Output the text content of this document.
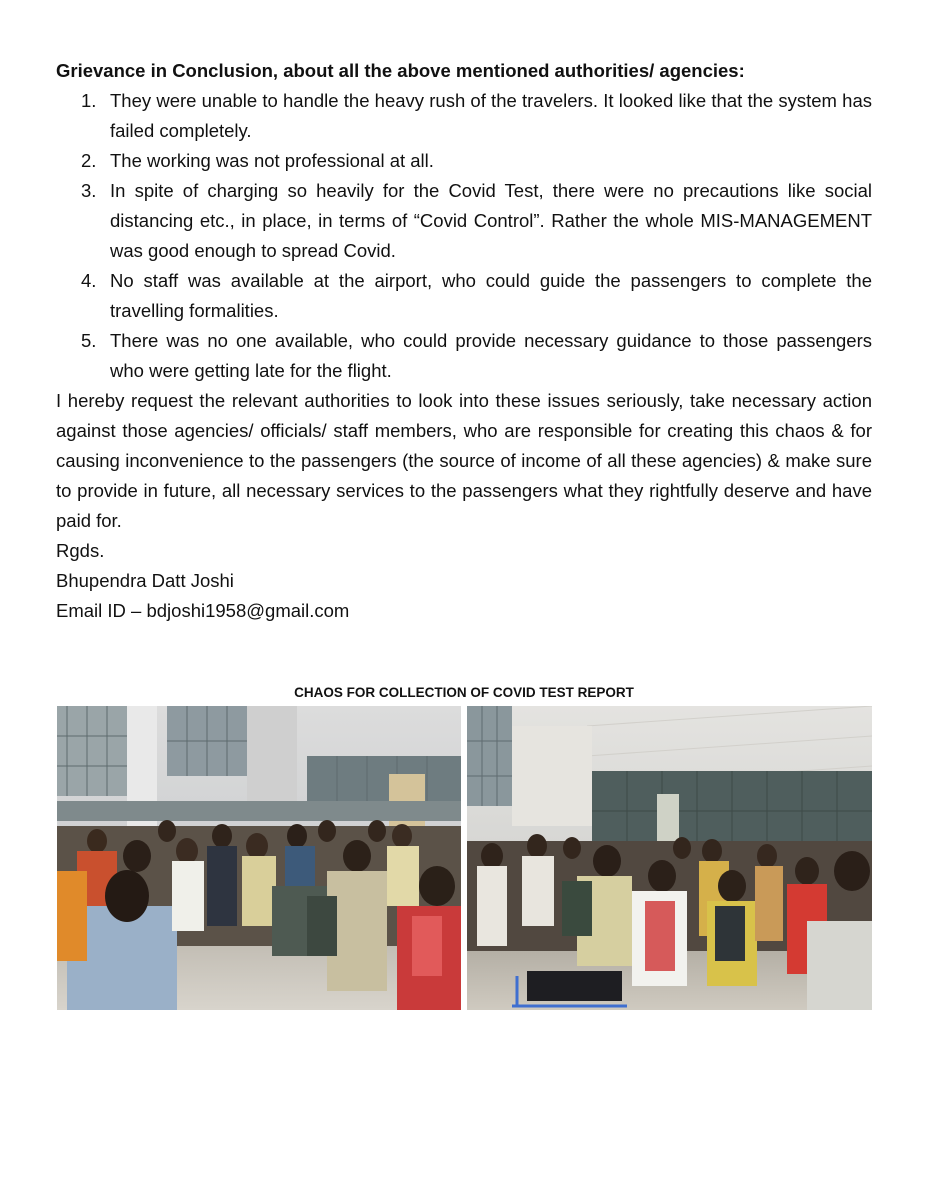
Grievance in Conclusion, about all the above mentioned authorities/ agencies:

1. They were unable to handle the heavy rush of the travelers. It looked like that the system has failed completely.
2. The working was not professional at all.
3. In spite of charging so heavily for the Covid Test, there were no precautions like social distancing etc., in place, in terms of “Covid Control”. Rather the whole MIS-MANAGEMENT was good enough to spread Covid.
4. No staff was available at the airport, who could guide the passengers to complete the travelling formalities.
5. There was no one available, who could provide necessary guidance to those passengers who were getting late for the flight.

I hereby request the relevant authorities to look into these issues seriously, take necessary action against those agencies/ officials/ staff members, who are responsible for creating this chaos & for causing inconvenience to the passengers (the source of income of all these agencies) & make sure to provide in future, all necessary services to the passengers what they rightfully deserve and have paid for.

Rgds.

Bhupendra Datt Joshi

Email ID – bdjoshi1958@gmail.com

CHAOS FOR COLLECTION OF COVID TEST REPORT
